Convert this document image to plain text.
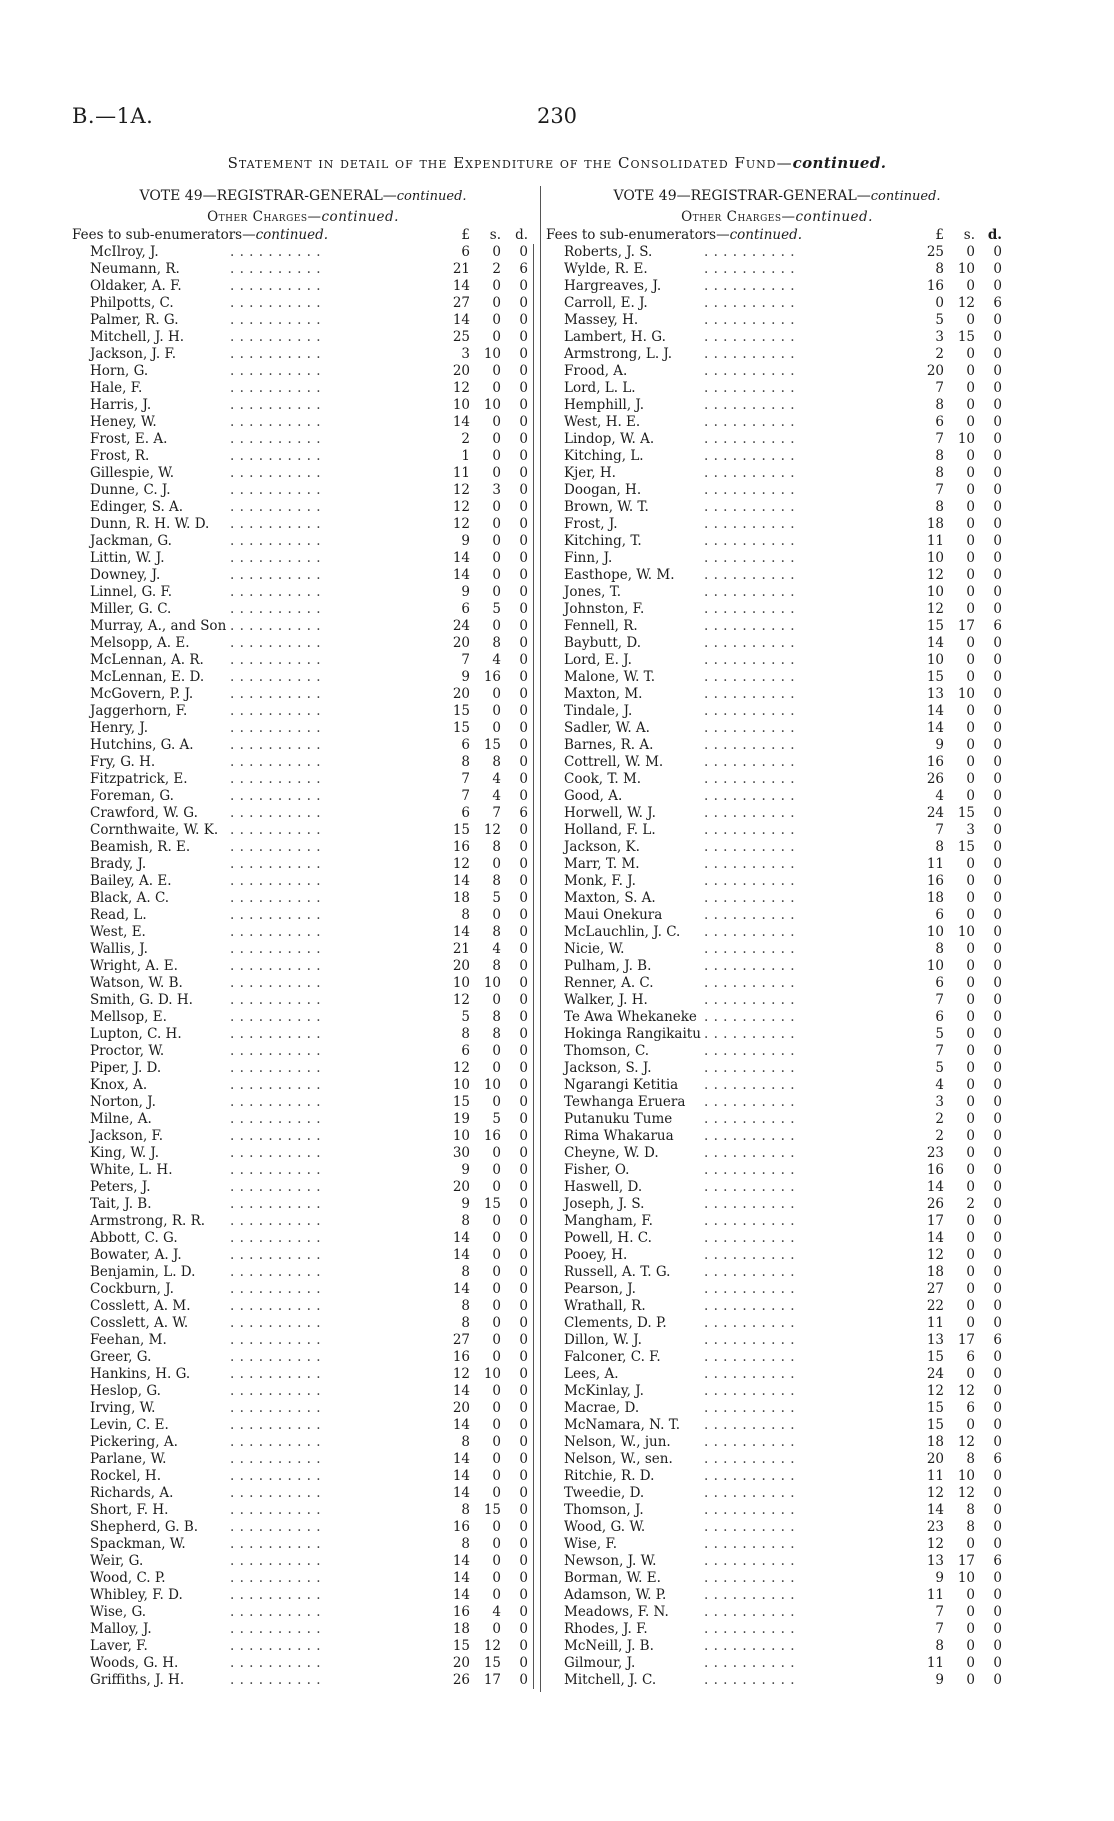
B.—1A.	230
Statement in detail of the Expenditure of the Consolidated Fund—continued.
VOTE 49—REGISTRAR-GENERAL—continued.
Other Charges—continued.
Fees to sub-enumerators—continued.	£	s.	d.
McIlroy, J.	6	0	0
. . . . . . . . . .
Neumann, R.	21	2	6
. . . . . . . . . .
Oldaker, A. F.	14	0	0
. . . . . . . . . .
Philpotts, C.	27	0	0
. . . . . . . . . .
Palmer, R. G.	14	0	0
. . . . . . . . . .
Mitchell, J. H.	25	0	0
. . . . . . . . . .
Jackson, J. F.	3	10	0
. . . . . . . . . .
Horn, G.	20	0	0
. . . . . . . . . .
Hale, F.	12	0	0
. . . . . . . . . .
Harris, J.	10	10	0
. . . . . . . . . .
Heney, W.	14	0	0
. . . . . . . . . .
Frost, E. A.	2	0	0
. . . . . . . . . .
Frost, R.	1	0	0
. . . . . . . . . .
Gillespie, W.	11	0	0
. . . . . . . . . .
Dunne, C. J.	12	3	0
. . . . . . . . . .
Edinger, S. A.	12	0	0
. . . . . . . . . .
Dunn, R. H. W. D.	12	0	0
. . . . . . . . . .
Jackman, G.	9	0	0
. . . . . . . . . .
Littin, W. J.	14	0	0
. . . . . . . . . .
Downey, J.	14	0	0
. . . . . . . . . .
Linnel, G. F.	9	0	0
. . . . . . . . . .
Miller, G. C.	6	5	0
. . . . . . . . . .
Murray, A., and Son	24	0	0
. . . . . . . . . .
Melsopp, A. E.	20	8	0
. . . . . . . . . .
McLennan, A. R.	7	4	0
. . . . . . . . . .
McLennan, E. D.	9	16	0
. . . . . . . . . .
McGovern, P. J.	20	0	0
. . . . . . . . . .
Jaggerhorn, F.	15	0	0
. . . . . . . . . .
Henry, J.	15	0	0
. . . . . . . . . .
Hutchins, G. A.	6	15	0
. . . . . . . . . .
Fry, G. H.	8	8	0
. . . . . . . . . .
Fitzpatrick, E.	7	4	0
. . . . . . . . . .
Foreman, G.	7	4	0
. . . . . . . . . .
Crawford, W. G.	6	7	6
. . . . . . . . . .
Cornthwaite, W. K.	15	12	0
. . . . . . . . . .
Beamish, R. E.	16	8	0
. . . . . . . . . .
Brady, J.	12	0	0
. . . . . . . . . .
Bailey, A. E.	14	8	0
. . . . . . . . . .
Black, A. C.	18	5	0
. . . . . . . . . .
Read, L.	8	0	0
. . . . . . . . . .
West, E.	14	8	0
. . . . . . . . . .
Wallis, J.	21	4	0
. . . . . . . . . .
Wright, A. E.	20	8	0
. . . . . . . . . .
Watson, W. B.	10	10	0
. . . . . . . . . .
Smith, G. D. H.	12	0	0
. . . . . . . . . .
Mellsop, E.	5	8	0
. . . . . . . . . .
Lupton, C. H.	8	8	0
. . . . . . . . . .
Proctor, W.	6	0	0
. . . . . . . . . .
Piper, J. D.	12	0	0
. . . . . . . . . .
Knox, A.	10	10	0
. . . . . . . . . .
Norton, J.	15	0	0
. . . . . . . . . .
Milne, A.	19	5	0
. . . . . . . . . .
Jackson, F.	10	16	0
. . . . . . . . . .
King, W. J.	30	0	0
. . . . . . . . . .
White, L. H.	9	0	0
. . . . . . . . . .
Peters, J.	20	0	0
. . . . . . . . . .
Tait, J. B.	9	15	0
. . . . . . . . . .
Armstrong, R. R.	8	0	0
. . . . . . . . . .
Abbott, C. G.	14	0	0
. . . . . . . . . .
Bowater, A. J.	14	0	0
. . . . . . . . . .
Benjamin, L. D.	8	0	0
. . . . . . . . . .
Cockburn, J.	14	0	0
. . . . . . . . . .
Cosslett, A. M.	8	0	0
. . . . . . . . . .
Cosslett, A. W.	8	0	0
. . . . . . . . . .
Feehan, M.	27	0	0
. . . . . . . . . .
Greer, G.	16	0	0
. . . . . . . . . .
Hankins, H. G.	12	10	0
. . . . . . . . . .
Heslop, G.	14	0	0
. . . . . . . . . .
Irving, W.	20	0	0
. . . . . . . . . .
Levin, C. E.	14	0	0
. . . . . . . . . .
Pickering, A.	8	0	0
. . . . . . . . . .
Parlane, W.	14	0	0
. . . . . . . . . .
Rockel, H.	14	0	0
. . . . . . . . . .
Richards, A.	14	0	0
. . . . . . . . . .
Short, F. H.	8	15	0
. . . . . . . . . .
Shepherd, G. B.	16	0	0
. . . . . . . . . .
Spackman, W.	8	0	0
. . . . . . . . . .
Weir, G.	14	0	0
. . . . . . . . . .
Wood, C. P.	14	0	0
. . . . . . . . . .
Whibley, F. D.	14	0	0
. . . . . . . . . .
Wise, G.	16	4	0
. . . . . . . . . .
Malloy, J.	18	0	0
. . . . . . . . . .
Laver, F.	15	12	0
. . . . . . . . . .
Woods, G. H.	20	15	0
. . . . . . . . . .
Griffiths, J. H.	26	17	0
. . . . . . . . . .
VOTE 49—REGISTRAR-GENERAL—continued.
Other Charges—continued.
Fees to sub-enumerators—continued.	£	s. d.
Roberts, J. S.	25	0	0
. . . . . . . . . .
Wylde, R. E.	8	10	0
. . . . . . . . . .
Hargreaves, J.	16	0	0
. . . . . . . . . .
Carroll, E. J.	0	12	6
. . . . . . . . . .
Massey, H.	5	0	0
. . . . . . . . . .
Lambert, H. G.	3	15	0
. . . . . . . . . .
Armstrong, L. J.	2	0	0
. . . . . . . . . .
Frood, A.	20	0	0
. . . . . . . . . .
Lord, L. L.	7	0	0
. . . . . . . . . .
Hemphill, J.	8	0	0
. . . . . . . . . .
West, H. E.	6	0	0
. . . . . . . . . .
Lindop, W. A.	7	10	0
. . . . . . . . . .
Kitching, L.	8	0	0
. . . . . . . . . .
Kjer, H.	8	0	0
. . . . . . . . . .
Doogan, H.	7	0	0
. . . . . . . . . .
Brown, W. T.	8	0	0
. . . . . . . . . .
Frost, J.	18	0	0
. . . . . . . . . .
Kitching, T.	11	0	0
. . . . . . . . . .
Finn, J.	10	0	0
. . . . . . . . . .
Easthope, W. M.	12	0	0
. . . . . . . . . .
Jones, T.	10	0	0
. . . . . . . . . .
Johnston, F.	12	0	0
. . . . . . . . . .
Fennell, R.	15	17	6
. . . . . . . . . .
Baybutt, D.	14	0	0
. . . . . . . . . .
Lord, E. J.	10	0	0
. . . . . . . . . .
Malone, W. T.	15	0	0
. . . . . . . . . .
Maxton, M.	13	10	0
. . . . . . . . . .
Tindale, J.	14	0	0
. . . . . . . . . .
Sadler, W. A.	14	0	0
. . . . . . . . . .
Barnes, R. A.	9	0	0
. . . . . . . . . .
Cottrell, W. M.	16	0	0
. . . . . . . . . .
Cook, T. M.	26	0	0
. . . . . . . . . .
Good, A.	4	0	0
. . . . . . . . . .
Horwell, W. J.	24	15	0
. . . . . . . . . .
Holland, F. L.	7	3	0
. . . . . . . . . .
Jackson, K.	8	15	0
. . . . . . . . . .
Marr, T. M.	11	0	0
. . . . . . . . . .
Monk, F. J.	16	0	0
. . . . . . . . . .
Maxton, S. A.	18	0	0
. . . . . . . . . .
Maui Onekura	6	0	0
. . . . . . . . . .
McLauchlin, J. C.	10	10	0
. . . . . . . . . .
Nicie, W.	8	0	0
. . . . . . . . . .
Pulham, J. B.	10	0	0
. . . . . . . . . .
Renner, A. C.	6	0	0
. . . . . . . . . .
Walker, J. H.	7	0	0
. . . . . . . . . .
Te Awa Whekaneke	6	0	0
. . . . . . . . . .
Hokinga Rangikaitu	5	0	0
. . . . . . . . . .
Thomson, C.	7	0	0
. . . . . . . . . .
Jackson, S. J.	5	0	0
. . . . . . . . . .
Ngarangi Ketitia	4	0	0
. . . . . . . . . .
Tewhanga Eruera	3	0	0
. . . . . . . . . .
Putanuku Tume	2	0	0
. . . . . . . . . .
Rima Whakarua	2	0	0
. . . . . . . . . .
Cheyne, W. D.	23	0	0
. . . . . . . . . .
Fisher, O.	16	0	0
. . . . . . . . . .
Haswell, D.	14	0	0
. . . . . . . . . .
Joseph, J. S.	26	2	0
. . . . . . . . . .
Mangham, F.	17	0	0
. . . . . . . . . .
Powell, H. C.	14	0	0
. . . . . . . . . .
Pooey, H.	12	0	0
. . . . . . . . . .
Russell, A. T. G.	18	0	0
. . . . . . . . . .
Pearson, J.	27	0	0
. . . . . . . . . .
Wrathall, R.	22	0	0
. . . . . . . . . .
Clements, D. P.	11	0	0
. . . . . . . . . .
Dillon, W. J.	13	17	6
. . . . . . . . . .
Falconer, C. F.	15	6	0
. . . . . . . . . .
Lees, A.	24	0	0
. . . . . . . . . .
McKinlay, J.	12	12	0
. . . . . . . . . .
Macrae, D.	15	6	0
. . . . . . . . . .
McNamara, N. T.	15	0	0
. . . . . . . . . .
Nelson, W., jun.	18	12	0
. . . . . . . . . .
Nelson, W., sen.	20	8	6
. . . . . . . . . .
Ritchie, R. D.	11	10	0
. . . . . . . . . .
Tweedie, D.	12	12	0
. . . . . . . . . .
Thomson, J.	14	8	0
. . . . . . . . . .
Wood, G. W.	23	8	0
. . . . . . . . . .
Wise, F.	12	0	0
. . . . . . . . . .
Newson, J. W.	13	17	6
. . . . . . . . . .
Borman, W. E.	9	10	0
. . . . . . . . . .
Adamson, W. P.	11	0	0
. . . . . . . . . .
Meadows, F. N.	7	0	0
. . . . . . . . . .
Rhodes, J. F.	7	0	0
. . . . . . . . . .
McNeill, J. B.	8	0	0
. . . . . . . . . .
Gilmour, J.	11	0	0
. . . . . . . . . .
Mitchell, J. C.	9	0	0
. . . . . . . . . .
